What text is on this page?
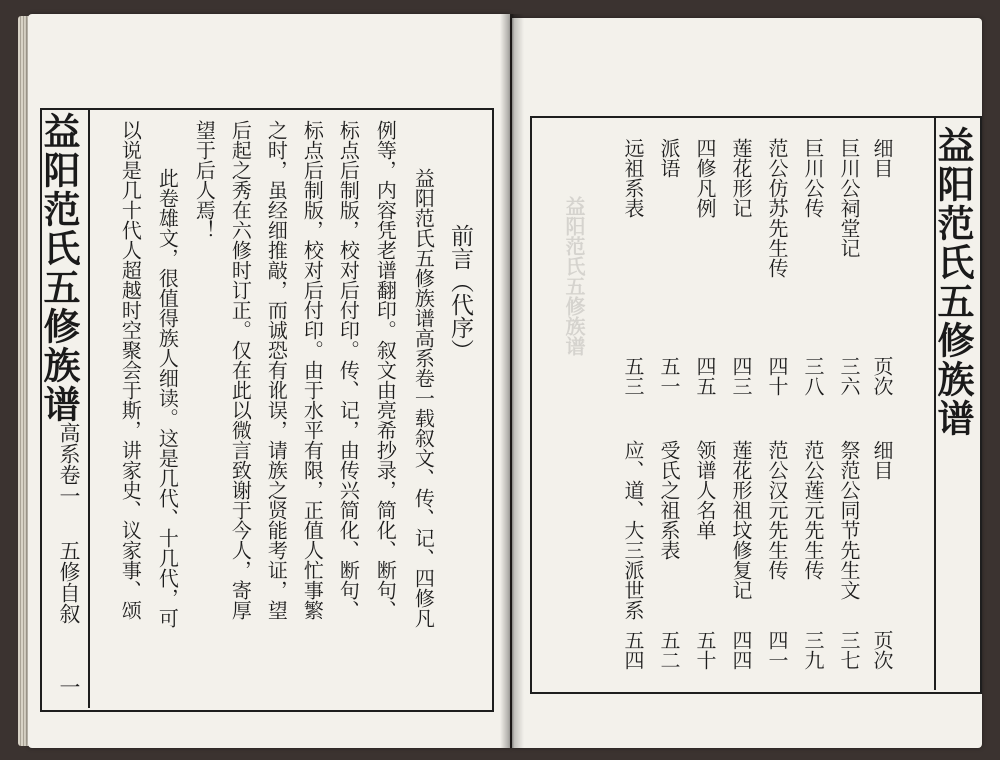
益阳范氏五修族谱
高系卷一
五修自叙
一
前言（代序）
益阳范氏五修族谱高系卷一载叙文、传、记、四修凡
例等，内容凭老谱翻印。叙文由亮希抄录，简化、断句、
标点后制版，校对后付印。传、记，由传兴简化、断句、
标点后制版，校对后付印。由于水平有限，正值人忙事繁
之时，虽经细推敲，而诚恐有讹误，请族之贤能考证，望
后起之秀在六修时订正。仅在此以微言致谢于今人，寄厚
望于后人焉！
此卷雄文，很值得族人细读。这是几代、十几代，可
以说是几十代人超越时空聚会于斯，讲家史、议家事、颂	益阳范氏五修族谱
益阳范氏五修族谱
细目
页次
巨川公祠堂记
三六
巨川公传
三八
范公仿苏先生传
四十
莲花形记
四三
四修凡例
四五
派语
五一
远祖系表
五三
细目
页次
祭范公同节先生文
三七
范公莲元先生传
三九
范公汉元先生传
四一
莲花形祖坟修复记
四四
领谱人名单
五十
受氏之祖系表
五二
应、道、大三派世系
五四
